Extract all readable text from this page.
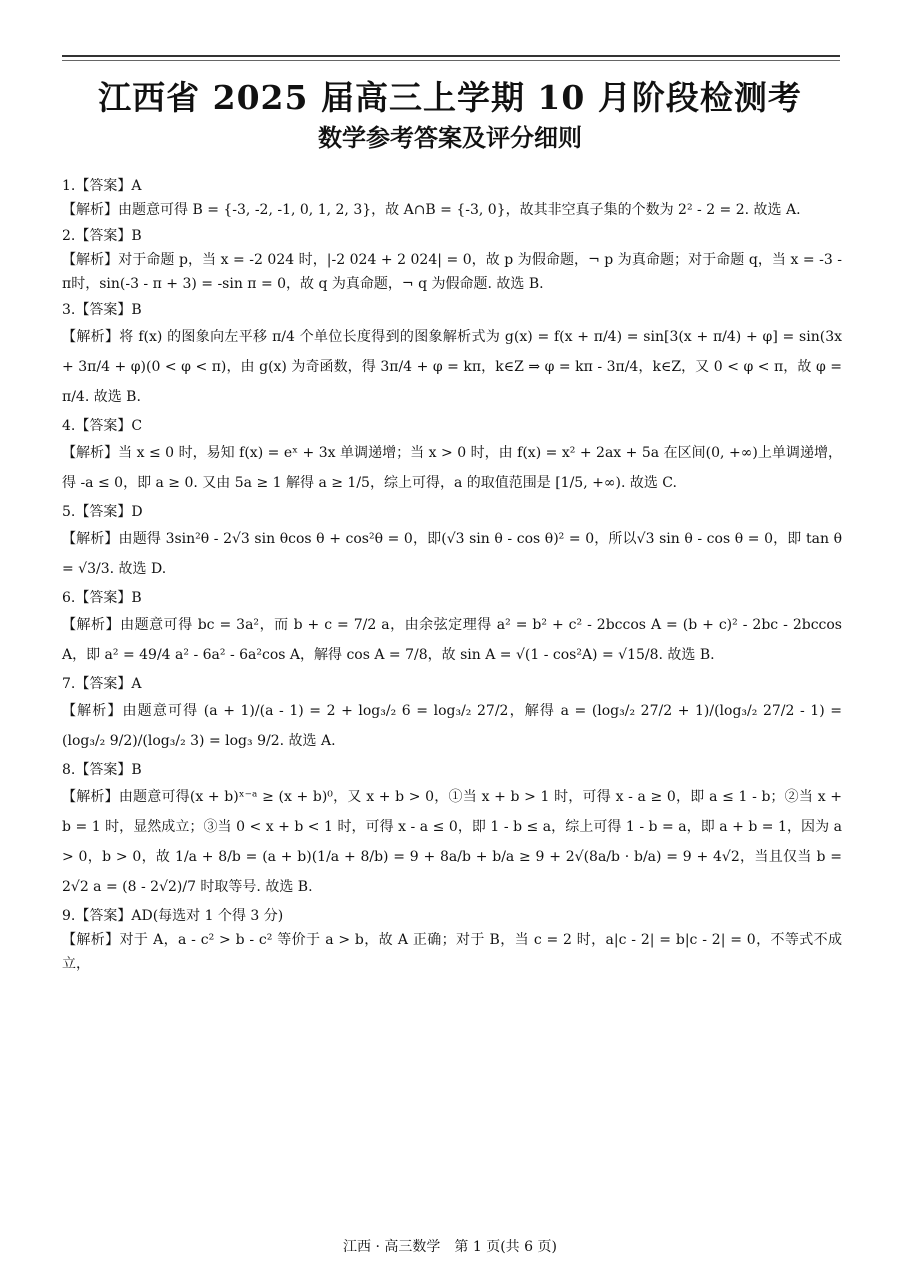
江西省 2025 届高三上学期 10 月阶段检测考
数学参考答案及评分细则
1.【答案】A
【解析】由题意可得 B = {-3, -2, -1, 0, 1, 2, 3}，故 A∩B = {-3, 0}，故其非空真子集的个数为 2² - 2 = 2. 故选 A.
2.【答案】B
【解析】对于命题 p，当 x = -2 024 时，|-2 024 + 2 024| = 0，故 p 为假命题，¬ p 为真命题；对于命题 q，当 x = -3 - π时，sin(-3 - π + 3) = -sin π = 0，故 q 为真命题，¬ q 为假命题. 故选 B.
3.【答案】B
【解析】将 f(x) 的图象向左平移 π/4 个单位长度得到的图象解析式为 g(x) = f(x + π/4) = sin[3(x + π/4) + φ] = sin(3x + 3π/4 + φ)(0 < φ < π)，由 g(x) 为奇函数，得 3π/4 + φ = kπ，k∈Z ⇒ φ = kπ - 3π/4，k∈Z，又 0 < φ < π，故 φ = π/4. 故选 B.
4.【答案】C
【解析】当 x ≤ 0 时，易知 f(x) = eˣ + 3x 单调递增；当 x > 0 时，由 f(x) = x² + 2ax + 5a 在区间(0, +∞)上单调递增，得 -a ≤ 0，即 a ≥ 0. 又由 5a ≥ 1 解得 a ≥ 1/5，综上可得，a 的取值范围是 [1/5, +∞). 故选 C.
5.【答案】D
【解析】由题得 3sin²θ - 2√3 sin θcos θ + cos²θ = 0，即(√3 sin θ - cos θ)² = 0，所以√3 sin θ - cos θ = 0，即 tan θ = √3/3. 故选 D.
6.【答案】B
【解析】由题意可得 bc = 3a²，而 b + c = 7/2 a，由余弦定理得 a² = b² + c² - 2bccos A = (b + c)² - 2bc - 2bccos A，即 a² = 49/4 a² - 6a² - 6a²cos A，解得 cos A = 7/8，故 sin A = √(1 - cos²A) = √15/8. 故选 B.
7.【答案】A
【解析】由题意可得 (a + 1)/(a - 1) = 2 + log₃/₂ 6 = log₃/₂ 27/2，解得 a = (log₃/₂ 27/2 + 1)/(log₃/₂ 27/2 - 1) = (log₃/₂ 9/2)/(log₃/₂ 3) = log₃ 9/2. 故选 A.
8.【答案】B
【解析】由题意可得(x + b)ˣ⁻ᵃ ≥ (x + b)⁰，又 x + b > 0，①当 x + b > 1 时，可得 x - a ≥ 0，即 a ≤ 1 - b；②当 x + b = 1 时，显然成立；③当 0 < x + b < 1 时，可得 x - a ≤ 0，即 1 - b ≤ a，综上可得 1 - b = a，即 a + b = 1，因为 a > 0，b > 0，故 1/a + 8/b = (a + b)(1/a + 8/b) = 9 + 8a/b + b/a ≥ 9 + 2√(8a/b · b/a) = 9 + 4√2，当且仅当 b = 2√2 a = (8 - 2√2)/7 时取等号. 故选 B.
9.【答案】AD(每选对 1 个得 3 分)
【解析】对于 A，a - c² > b - c² 等价于 a > b，故 A 正确；对于 B，当 c = 2 时，a|c - 2| = b|c - 2| = 0，不等式不成立，
江西 · 高三数学　第 1 页(共 6 页)
